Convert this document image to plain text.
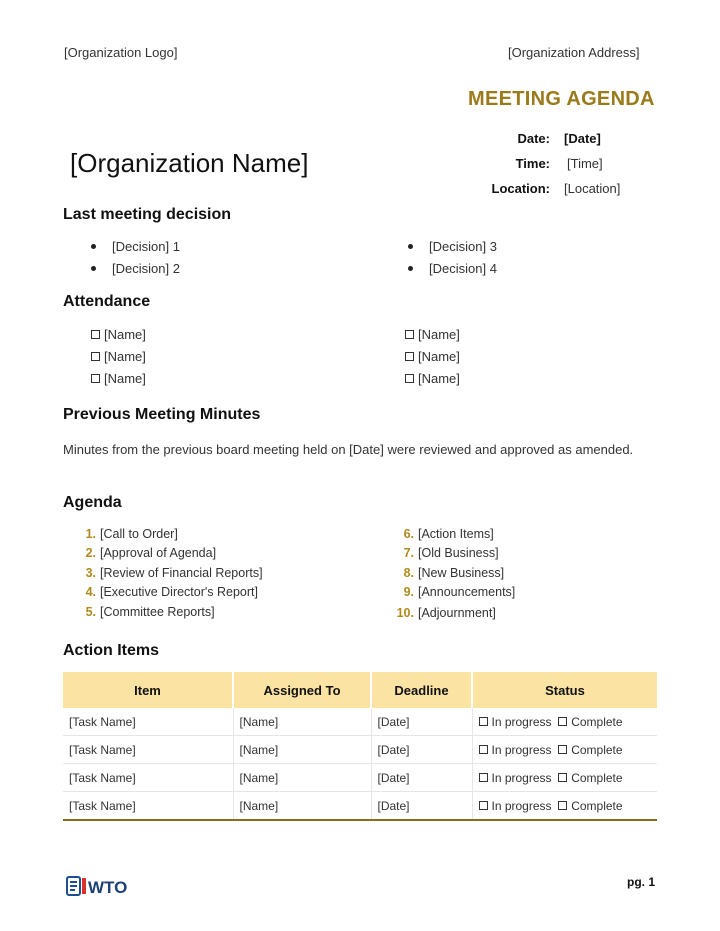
[Organization Logo]	[Organization Address]
MEETING AGENDA
[Organization Name]
Date: [Date]
Time: [Time]
Location: [Location]
Last meeting decision
[Decision] 1
[Decision] 2
[Decision] 3
[Decision] 4
Attendance
[Name]
[Name]
[Name]
[Name]
[Name]
[Name]
Previous Meeting Minutes
Minutes from the previous board meeting held on [Date] were reviewed and approved as amended.
Agenda
1. [Call to Order]
2. [Approval of Agenda]
3. [Review of Financial Reports]
4. [Executive Director's Report]
5. [Committee Reports]
6. [Action Items]
7. [Old Business]
8. [New Business]
9. [Announcements]
10. [Adjournment]
Action Items
Item	Assigned To	Deadline	Status
[Task Name]	[Name]	[Date]	In progress Complete
[Task Name]	[Name]	[Date]	In progress Complete
[Task Name]	[Name]	[Date]	In progress Complete
[Task Name]	[Name]	[Date]	In progress Complete
WTO	pg. 1
